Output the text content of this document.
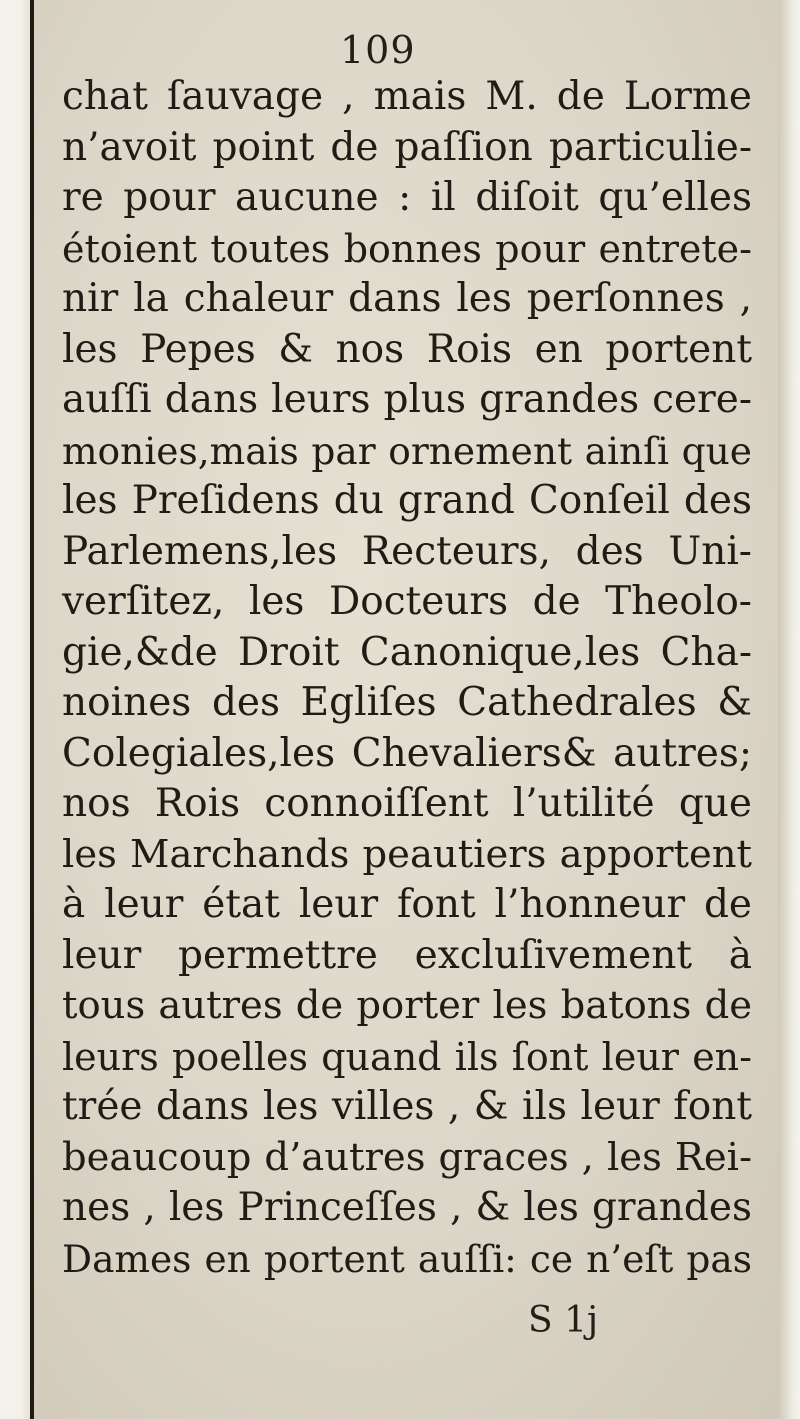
109
chat ſauvage , mais M. de Lorme
n’avoit point de paſſion particulie-
re pour aucune : il diſoit qu’elles
étoient toutes bonnes pour entrete-
nir la chaleur dans les perſonnes ,
les Pepes & nos Rois en portent
auſſi dans leurs plus grandes cere-
monies,mais par ornement ainſi que
les Preſidens du grand Conſeil des
Parlemens,les Recteurs, des Uni-
verſitez, les Docteurs de Theolo-
gie,&de Droit Canonique,les Cha-
noines des Egliſes Cathedrales &
Colegiales,les Chevaliers& autres;
nos Rois connoiſſent l’utilité que
les Marchands peautiers apportent
à leur état leur font l’honneur de
leur permettre excluſivement à
tous autres de porter les batons de
leurs poelles quand ils ſont leur en-
trée dans les villes , & ils leur font
beaucoup d’autres graces , les Rei-
nes , les Princeſſes , & les grandes
Dames en portent auſſi: ce n’eſt pas
S 1j
